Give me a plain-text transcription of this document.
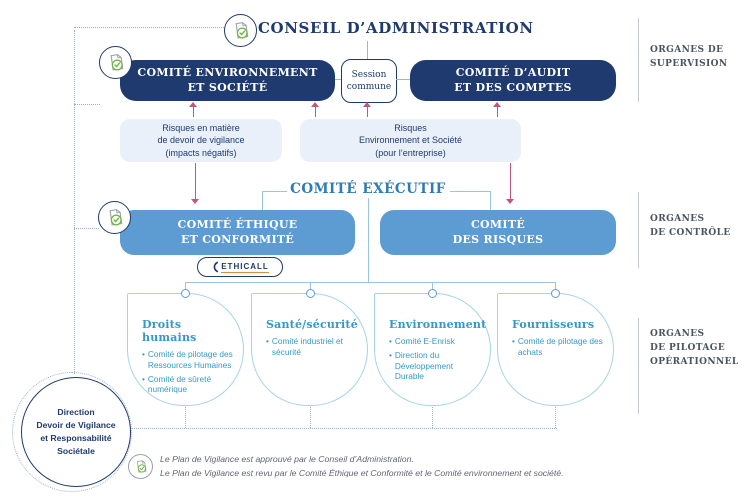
CONSEIL D’ADMINISTRATION
COMITÉ ENVIRONNEMENT
ET SOCIÉTÉ
Session
commune
COMITÉ D’AUDIT
ET DES COMPTES
Risques en matière
de devoir de vigilance
(impacts négatifs)
Risques
Environnement et Société
(pour l’entreprise)
COMITÉ EXÉCUTIF
COMITÉ ÉTHIQUE
ET CONFORMITÉ
COMITÉ
DES RISQUES
ETHICALL
Droits humains
• Comité de pilotage des Ressources Humaines
• Comité de sûreté numérique
Santé/sécurité
• Comité industriel et sécurité
Environnement
• Comité E-Enrisk
• Direction du Développement Durable
Fournisseurs
• Comité de pilotage des achats
Direction
Devoir de Vigilance
et Responsabilité
Sociétale
ORGANES DE
SUPERVISION
ORGANES
DE CONTRÔLE
ORGANES
DE PILOTAGE
OPÉRATIONNEL
Le Plan de Vigilance est approuvé par le Conseil d’Administration.
Le Plan de Vigilance est revu par le Comité Éthique et Conformité et le Comité environnement et société.
